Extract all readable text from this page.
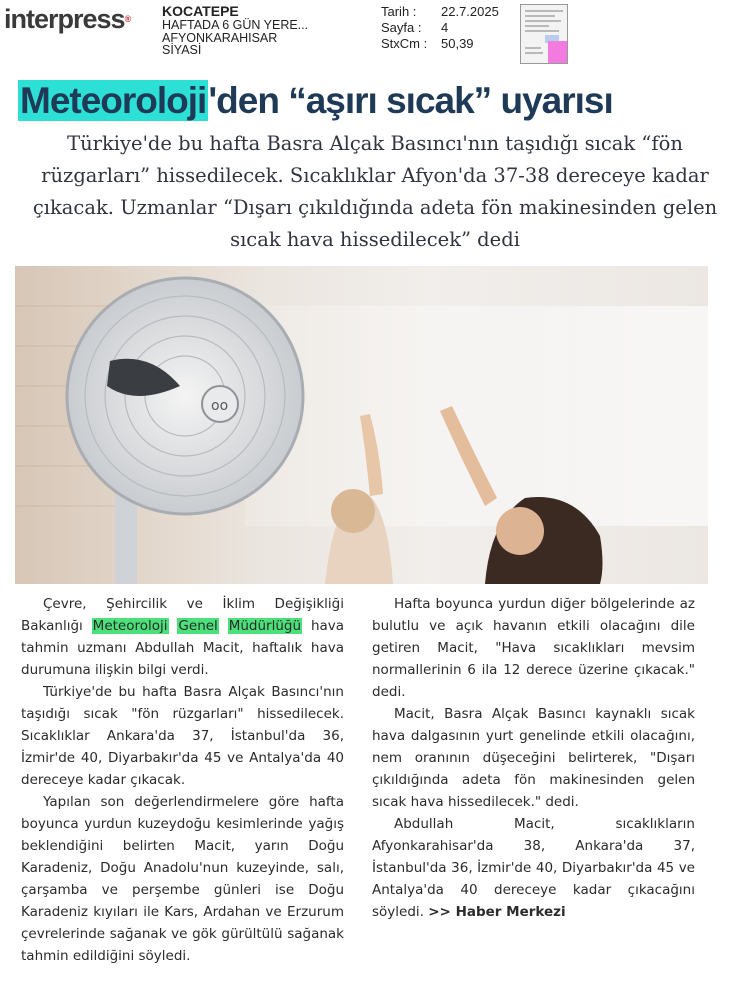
interpress® KOCATEPE
HAFTADA 6 GÜN YERE...
AFYONKARAHISAR
SİYASİ
Tarih :	22.7.2025
Sayfa :	4
StxCm :	50,39
Meteoroloji'den “aşırı sıcak” uyarısı
Türkiye'de bu hafta Basra Alçak Basıncı'nın taşıdığı sıcak “fön rüzgarları” hissedilecek. Sıcaklıklar Afyon'da 37-38 dereceye kadar çıkacak. Uzmanlar “Dışarı çıkıldığında adeta fön makinesinden gelen sıcak hava hissedilecek” dedi
oo

Çevre, Şehircilik ve İklim Değişikliği Bakanlığı Meteoroloji Genel Müdürlüğü hava tahmin uzmanı Abdullah Macit, haftalık hava durumuna ilişkin bilgi verdi.

Türkiye'de bu hafta Basra Alçak Basıncı'nın taşıdığı sıcak "fön rüzgarları" hissedilecek. Sıcaklıklar Ankara'da 37, İstanbul'da 36, İzmir'de 40, Diyarbakır'da 45 ve Antalya'da 40 dereceye kadar çıkacak.

Yapılan son değerlendirmelere göre hafta boyunca yurdun kuzeydoğu kesimlerinde yağış beklendiğini belirten Macit, yarın Doğu Karadeniz, Doğu Anadolu'nun kuzeyinde, salı, çarşamba ve perşembe günleri ise Doğu Karadeniz kıyıları ile Kars, Ardahan ve Erzurum çevrelerinde sağanak ve gök gürültülü sağanak tahmin edildiğini söyledi.

Hafta boyunca yurdun diğer bölgelerinde az bulutlu ve açık havanın etkili olacağını dile getiren Macit, "Hava sıcaklıkları mevsim normallerinin 6 ila 12 derece üzerine çıkacak." dedi.

Macit, Basra Alçak Basıncı kaynaklı sıcak hava dalgasının yurt genelinde etkili olacağını, nem oranının düşeceğini belirterek, "Dışarı çıkıldığında adeta fön makinesinden gelen sıcak hava hissedilecek." dedi.

Abdullah Macit, sıcaklıkların Afyonkarahisar'da 38, Ankara'da 37, İstanbul'da 36, İzmir'de 40, Diyarbakır'da 45 ve Antalya'da 40 dereceye kadar çıkacağını söyledi. >> Haber Merkezi
